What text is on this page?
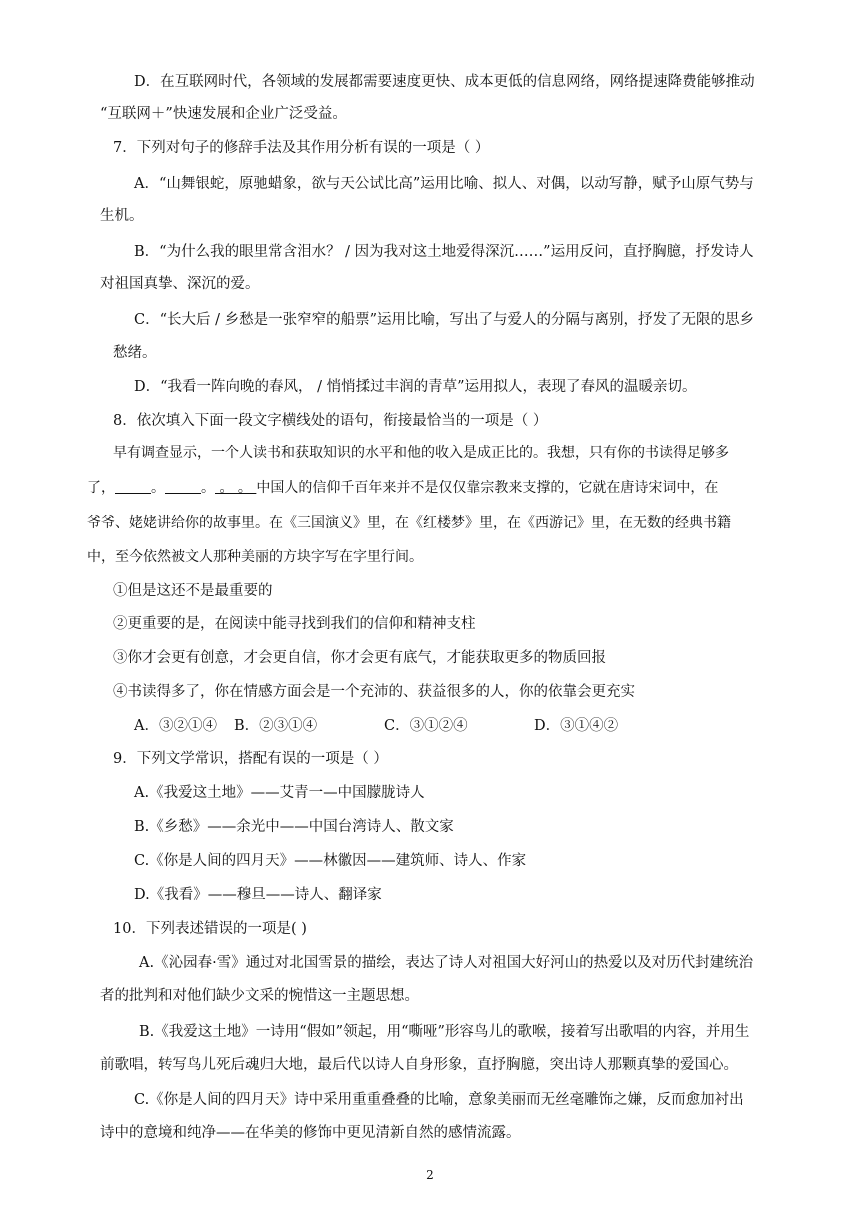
D．在互联网时代，各领域的发展都需要速度更快、成本更低的信息网络，网络提速降费能够推动
“互联网＋”快速发展和企业广泛受益。
7．下列对句子的修辞手法及其作用分析有误的一项是（ ）
A．“山舞银蛇，原驰蜡象，欲与天公试比高”运用比喻、拟人、对偶，以动写静，赋予山原气势与
生机。
B．“为什么我的眼里常含泪水？ / 因为我对这土地爱得深沉……”运用反问，直抒胸臆，抒发诗人
对祖国真挚、深沉的爱。
C．“长大后 / 乡愁是一张窄窄的船票”运用比喻，写出了与爱人的分隔与离别，抒发了无限的思乡
愁绪。
D．“我看一阵向晚的春风， / 悄悄揉过丰润的青草”运用拟人，表现了春风的温暖亲切。
8．依次填入下面一段文字横线处的语句，衔接最恰当的一项是（ ）
早有调查显示，一个人读书和获取知识的水平和他的收入是成正比的。我想，只有你的书读得足够多
了，	。	。 。 。 中国人的信仰千百年来并不是仅仅靠宗教来支撑的，它就在唐诗宋词中，在
爷爷、姥姥讲给你的故事里。在《三国演义》里，在《红楼梦》里，在《西游记》里，在无数的经典书籍
中，至今依然被文人那种美丽的方块字写在字里行间。
①但是这还不是最重要的
②更重要的是，在阅读中能寻找到我们的信仰和精神支柱
③你才会更有创意，才会更自信，你才会更有底气，才能获取更多的物质回报
④书读得多了，你在情感方面会是一个充沛的、获益很多的人，你的依靠会更充实
A．③②①④ B．②③①④	C．③①②④	D．③①④②
9．下列文学常识，搭配有误的一项是（ ）
A.《我爱这土地》——艾青一—中国朦胧诗人
B.《乡愁》——余光中——中国台湾诗人、散文家
C.《你是人间的四月天》——林徽因——建筑师、诗人、作家
D.《我看》——穆旦——诗人、翻译家
10．下列表述错误的一项是( )
A.《沁园春·雪》通过对北国雪景的描绘，表达了诗人对祖国大好河山的热爱以及对历代封建统治
者的批判和对他们缺少文采的惋惜这一主题思想。
B.《我爱这土地》一诗用“假如”领起，用“嘶哑”形容鸟儿的歌喉，接着写出歌唱的内容，并用生
前歌唱，转写鸟儿死后魂归大地，最后代以诗人自身形象，直抒胸臆，突出诗人那颗真挚的爱国心。
C.《你是人间的四月天》诗中采用重重叠叠的比喻，意象美丽而无丝毫雕饰之嫌，反而愈加衬出
诗中的意境和纯净——在华美的修饰中更见清新自然的感情流露。
2
